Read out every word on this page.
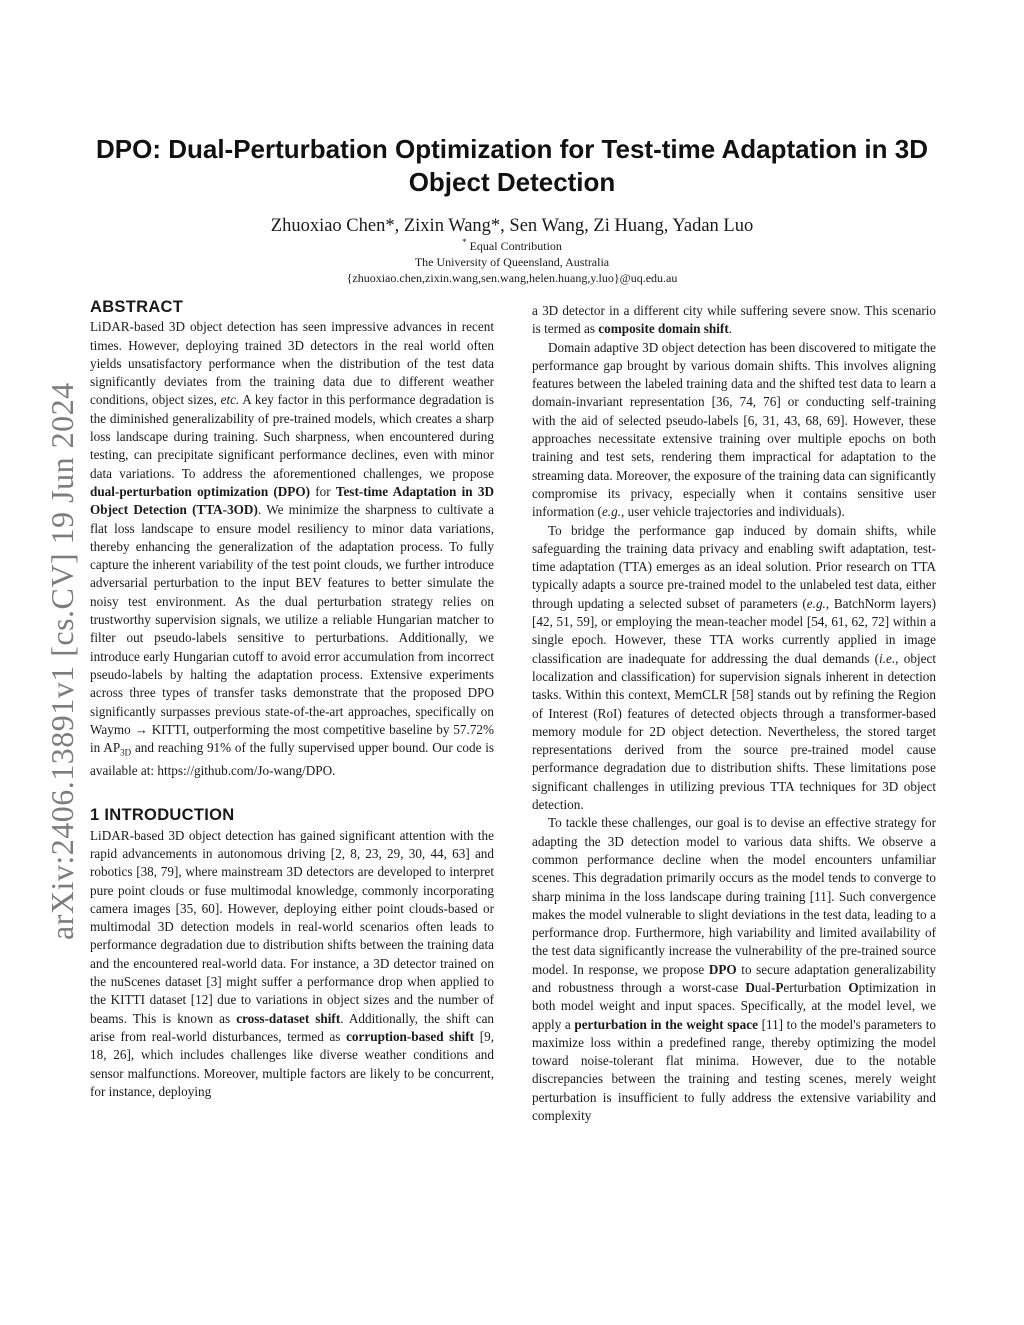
arXiv:2406.13891v1 [cs.CV] 19 Jun 2024
DPO: Dual-Perturbation Optimization for Test-time Adaptation in 3D Object Detection
Zhuoxiao Chen*, Zixin Wang*, Sen Wang, Zi Huang, Yadan Luo
* Equal Contribution
The University of Queensland, Australia
{zhuoxiao.chen,zixin.wang,sen.wang,helen.huang,y.luo}@uq.edu.au
ABSTRACT

LiDAR-based 3D object detection has seen impressive advances in recent times. However, deploying trained 3D detectors in the real world often yields unsatisfactory performance when the distribution of the test data significantly deviates from the training data due to different weather conditions, object sizes, etc. A key factor in this performance degradation is the diminished generalizability of pre-trained models, which creates a sharp loss landscape during training. Such sharpness, when encountered during testing, can precipitate significant performance declines, even with minor data variations. To address the aforementioned challenges, we propose dual-perturbation optimization (DPO) for Test-time Adaptation in 3D Object Detection (TTA-3OD). We minimize the sharpness to cultivate a flat loss landscape to ensure model resiliency to minor data variations, thereby enhancing the generalization of the adaptation process. To fully capture the inherent variability of the test point clouds, we further introduce adversarial perturbation to the input BEV features to better simulate the noisy test environment. As the dual perturbation strategy relies on trustworthy supervision signals, we utilize a reliable Hungarian matcher to filter out pseudo-labels sensitive to perturbations. Additionally, we introduce early Hungarian cutoff to avoid error accumulation from incorrect pseudo-labels by halting the adaptation process. Extensive experiments across three types of transfer tasks demonstrate that the proposed DPO significantly surpasses previous state-of-the-art approaches, specifically on Waymo → KITTI, outperforming the most competitive baseline by 57.72% in $AP_{3D}$ and reaching 91% of the fully supervised upper bound. Our code is available at: https://github.com/Jo-wang/DPO.

1 INTRODUCTION

LiDAR-based 3D object detection has gained significant attention with the rapid advancements in autonomous driving [2, 8, 23, 29, 30, 44, 63] and robotics [38, 79], where mainstream 3D detectors are developed to interpret pure point clouds or fuse multimodal knowledge, commonly incorporating camera images [35, 60]. However, deploying either point clouds-based or multimodal 3D detection models in real-world scenarios often leads to performance degradation due to distribution shifts between the training data and the encountered real-world data. For instance, a 3D detector trained on the nuScenes dataset [3] might suffer a performance drop when applied to the KITTI dataset [12] due to variations in object sizes and the number of beams. This is known as cross-dataset shift. Additionally, the shift can arise from real-world disturbances, termed as corruption-based shift [9, 18, 26], which includes challenges like diverse weather conditions and sensor malfunctions. Moreover, multiple factors are likely to be concurrent, for instance, deploying

a 3D detector in a different city while suffering severe snow. This scenario is termed as composite domain shift.

Domain adaptive 3D object detection has been discovered to mitigate the performance gap brought by various domain shifts. This involves aligning features between the labeled training data and the shifted test data to learn a domain-invariant representation [36, 74, 76] or conducting self-training with the aid of selected pseudo-labels [6, 31, 43, 68, 69]. However, these approaches necessitate extensive training over multiple epochs on both training and test sets, rendering them impractical for adaptation to the streaming data. Moreover, the exposure of the training data can significantly compromise its privacy, especially when it contains sensitive user information (e.g., user vehicle trajectories and individuals).

To bridge the performance gap induced by domain shifts, while safeguarding the training data privacy and enabling swift adaptation, test-time adaptation (TTA) emerges as an ideal solution. Prior research on TTA typically adapts a source pre-trained model to the unlabeled test data, either through updating a selected subset of parameters (e.g., BatchNorm layers) [42, 51, 59], or employing the mean-teacher model [54, 61, 62, 72] within a single epoch. However, these TTA works currently applied in image classification are inadequate for addressing the dual demands (i.e., object localization and classification) for supervision signals inherent in detection tasks. Within this context, MemCLR [58] stands out by refining the Region of Interest (RoI) features of detected objects through a transformer-based memory module for 2D object detection. Nevertheless, the stored target representations derived from the source pre-trained model cause performance degradation due to distribution shifts. These limitations pose significant challenges in utilizing previous TTA techniques for 3D object detection.

To tackle these challenges, our goal is to devise an effective strategy for adapting the 3D detection model to various data shifts. We observe a common performance decline when the model encounters unfamiliar scenes. This degradation primarily occurs as the model tends to converge to sharp minima in the loss landscape during training [11]. Such convergence makes the model vulnerable to slight deviations in the test data, leading to a performance drop. Furthermore, high variability and limited availability of the test data significantly increase the vulnerability of the pre-trained source model. In response, we propose DPO to secure adaptation generalizability and robustness through a worst-case Dual-Perturbation Optimization in both model weight and input spaces. Specifically, at the model level, we apply a perturbation in the weight space [11] to the model's parameters to maximize loss within a predefined range, thereby optimizing the model toward noise-tolerant flat minima. However, due to the notable discrepancies between the training and testing scenes, merely weight perturbation is insufficient to fully address the extensive variability and complexity
